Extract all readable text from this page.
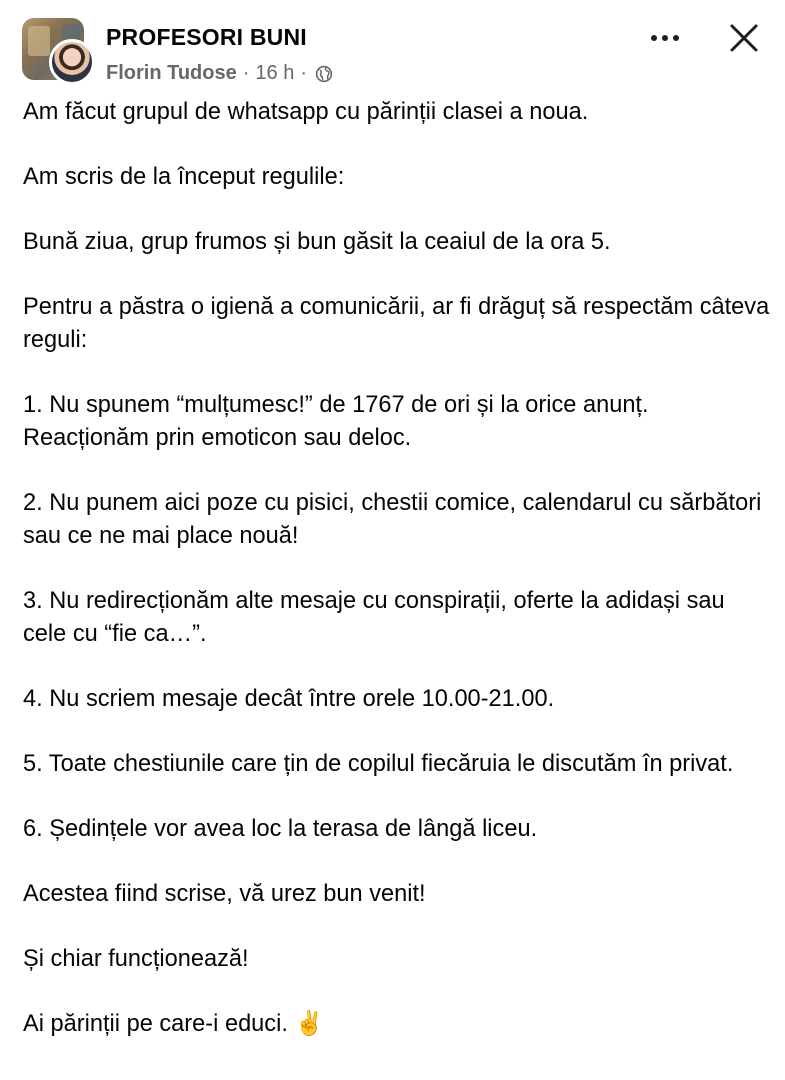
PROFESORI BUNI
Florin Tudose · 16 h ·

Am făcut grupul de whatsapp cu părinții clasei a noua.

Am scris de la început regulile:

Bună ziua, grup frumos și bun găsit la ceaiul de la ora 5.

Pentru a păstra o igienă a comunicării, ar fi drăguț să respectăm câteva reguli:

1. Nu spunem “mulțumesc!” de 1767 de ori și la orice anunț. Reacționăm prin emoticon sau deloc.

2. Nu punem aici poze cu pisici, chestii comice, calendarul cu sărbători sau ce ne mai place nouă!

3. Nu redirecționăm alte mesaje cu conspirații, oferte la adidași sau cele cu “fie ca…”.

4. Nu scriem mesaje decât între orele 10.00-21.00.

5. Toate chestiunile care țin de copilul fiecăruia le discutăm în privat.

6. Ședințele vor avea loc la terasa de lângă liceu.

Acestea fiind scrise, vă urez bun venit!

Și chiar funcționează!

Ai părinții pe care-i educi. ✌️
